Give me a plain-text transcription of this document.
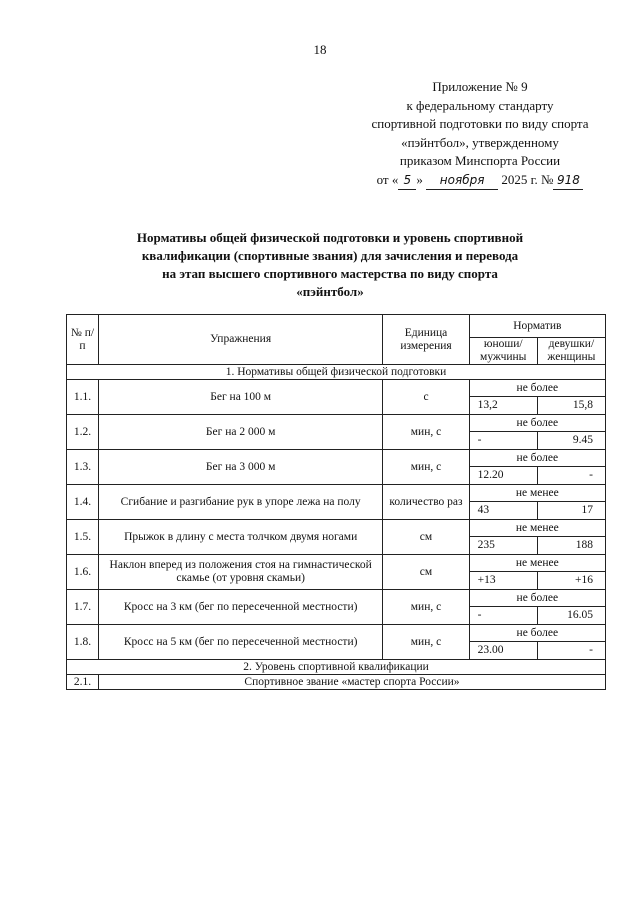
18
Приложение № 9
к федеральному стандарту
спортивной подготовки по виду спорта
«пэйнтбол», утвержденному
приказом Минспорта России
от « 5 » ноября 2025 г. № 918
Нормативы общей физической подготовки и уровень спортивной
квалификации (спортивные звания) для зачисления и перевода
на этап высшего спортивного мастерства по виду спорта
«пэйнтбол»
№ п/п	Упражнения	Единица измерения	Норматив	
			юноши/ мужчины	девушки/ женщины
1. Нормативы общей физической подготовки				
1.1.	Бег на 100 м	с	не более	
			13,2	15,8
1.2.	Бег на 2 000 м	мин, с	не более	
			-	9.45
1.3.	Бег на 3 000 м	мин, с	не более	
			12.20	-
1.4.	Сгибание и разгибание рук в упоре лежа на полу	количество раз	не менее	
			43	17
1.5.	Прыжок в длину с места толчком двумя ногами	см	не менее	
			235	188
1.6.	Наклон вперед из положения стоя на гимнастической скамье (от уровня скамьи)	см	не менее	
			+13	+16
1.7.	Кросс на 3 км (бег по пересеченной местности)	мин, с	не более	
			-	16.05
1.8.	Кросс на 5 км (бег по пересеченной местности)	мин, с	не более	
			23.00	-
2. Уровень спортивной квалификации				
2.1.	Спортивное звание «мастер спорта России»			
